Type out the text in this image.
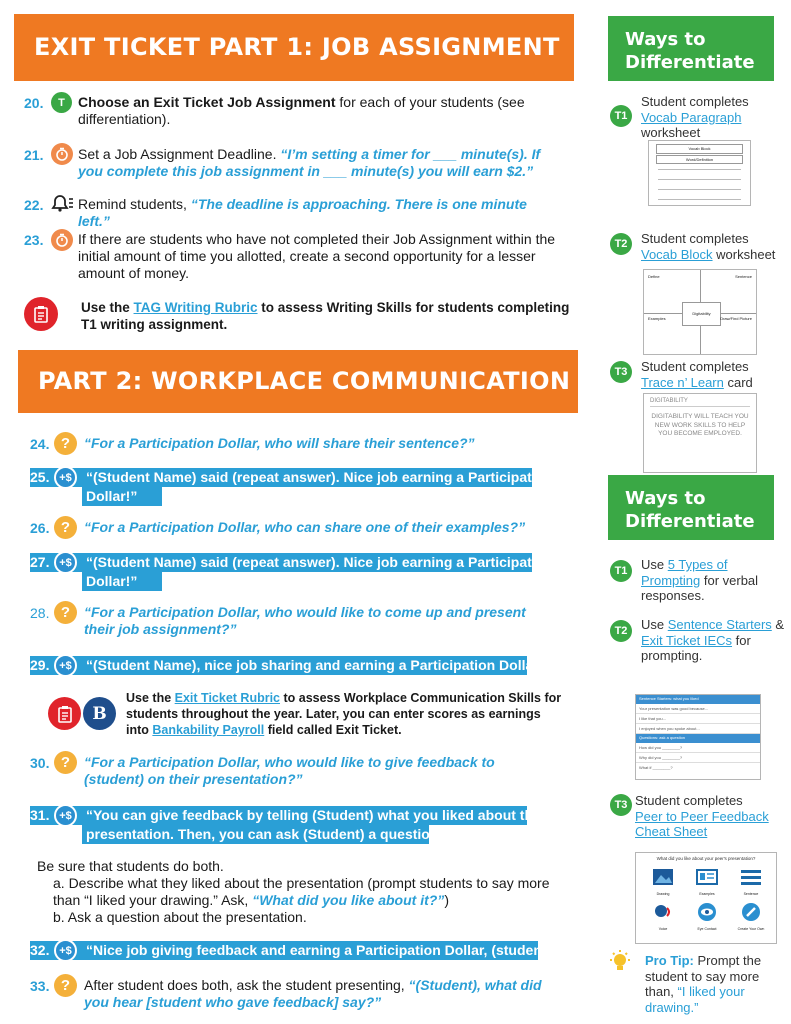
EXIT TICKET PART 1: JOB ASSIGNMENT
20.	T Choose an Exit Ticket Job Assignment for each of your students (see differentiation).
21. Set a Job Assignment Deadline. “I’m setting a timer for ___ minute(s). If you complete this job assignment in ___ minute(s) you will earn $2.”
22. Remind students, “The deadline is approaching. There is one minute left.”
23. If there are students who have not completed their Job Assignment within the initial amount of time you allotted, create a second opportunity for a lesser amount of money.
Use the TAG Writing Rubric to assess Writing Skills for students completing T1 writing assignment.
PART 2: WORKPLACE COMMUNICATION
24. ? “For a Participation Dollar, who will share their sentence?”
25. +$	“(Student Name) said (repeat answer). Nice job earning a Participation
Dollar!”
26. ? “For a Participation Dollar, who can share one of their examples?”
27. +$	“(Student Name) said (repeat answer). Nice job earning a Participation
Dollar!”
28. ? “For a Participation Dollar, who would like to come up and present their job assignment?”
29. +$	“(Student Name), nice job sharing and earning a Participation Dollar!”
B
Use the Exit Ticket Rubric to assess Workplace Communication Skills for students throughout the year. Later, you can enter scores as earnings into Bankability Payroll field called Exit Ticket.
30. ? “For a Participation Dollar, who would like to give feedback to (student) on their presentation?”
31. +$	“You can give feedback by telling (Student) what you liked about their
presentation. Then, you can ask (Student) a question.”
Be sure that students do both.
a. Describe what they liked about the presentation (prompt students to say more than “I liked your drawing.” Ask, “What did you like about it?”)
b. Ask a question about the presentation.
32. +$	“Nice job giving feedback and earning a Participation Dollar, (student)!”
33. ? After student does both, ask the student presenting, “(Student), what did you hear [student who gave feedback] say?”
Ways to
Differentiate
T1
Student completes
Vocab Paragraph
worksheet
Vocab Block
Word/Definition
T2	Student completes
Vocab Block worksheet
Digitability
Define	Sentence
Examples	Draw/Find Picture
T3	Student completes
Trace n’ Learn card
DIGITABILITY
DIGITABILITY WILL TEACH YOU NEW WORK SKILLS TO HELP YOU BECOME EMPLOYED.
Ways to
Differentiate
T1	Use 5 Types of Prompting for verbal responses.
T2	Use Sentence Starters & Exit Ticket IECs for prompting.
Sentence Starters: what you liked
Your presentation was good because...
I like that you...
I enjoyed when you spoke about...
Questions: ask a question
How did you ________?
Why did you ________?
What if ________?
T3 Student completes
Peer to Peer Feedback Cheat Sheet
What did you like about your peer's presentation?
Drawing	Examples	Sentence
Voice	Eye Contact	Create Your Own
Pro Tip: Prompt the student to say more than, “I liked your drawing.”
